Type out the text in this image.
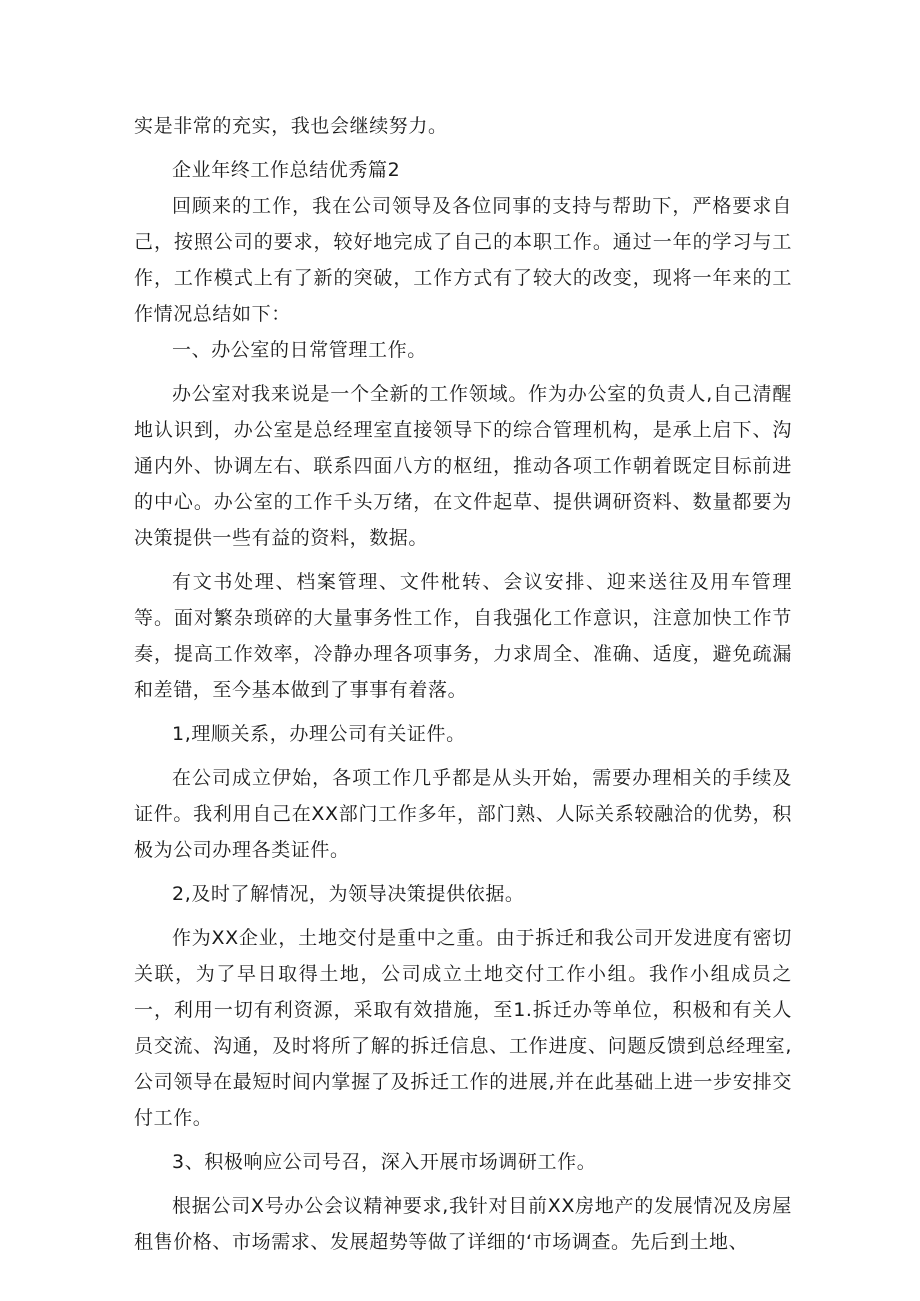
实是非常的充实，我也会继续努力。

企业年终工作总结优秀篇2

回顾来的工作，我在公司领导及各位同事的支持与帮助下，严格要求自己，按照公司的要求，较好地完成了自己的本职工作。通过一年的学习与工作，工作模式上有了新的突破，工作方式有了较大的改变，现将一年来的工作情况总结如下：

一、办公室的日常管理工作。

办公室对我来说是一个全新的工作领域。作为办公室的负责人,自己清醒地认识到，办公室是总经理室直接领导下的综合管理机构，是承上启下、沟通内外、协调左右、联系四面八方的枢纽，推动各项工作朝着既定目标前进的中心。办公室的工作千头万绪，在文件起草、提供调研资料、数量都要为决策提供一些有益的资料，数据。

有文书处理、档案管理、文件枇转、会议安排、迎来送往及用车管理等。面对繁杂琐碎的大量事务性工作，自我强化工作意识，注意加快工作节奏，提高工作效率，冷静办理各项事务，力求周全、准确、适度，避免疏漏和差错，至今基本做到了事事有着落。

1,理顺关系，办理公司有关证件。

在公司成立伊始，各项工作几乎都是从头开始，需要办理相关的手续及证件。我利用自己在XX部门工作多年，部门熟、人际关系较融洽的优势，积极为公司办理各类证件。

2,及时了解情况，为领导决策提供依据。

作为XX企业，土地交付是重中之重。由于拆迁和我公司开发进度有密切关联，为了早日取得土地，公司成立土地交付工作小组。我作小组成员之一，利用一切有利资源，采取有效措施，至1.拆迁办等单位，积极和有关人员交流、沟通，及时将所了解的拆迁信息、工作进度、问题反馈到总经理室,公司领导在最短时间内掌握了及拆迁工作的进展,并在此基础上进一步安排交付工作。

3、积极响应公司号召，深入开展市场调研工作。

根据公司X号办公会议精神要求,我针对目前XX房地产的发展情况及房屋租售价格、市场需求、发展超势等做了详细的‘市场调查。先后到土地、
